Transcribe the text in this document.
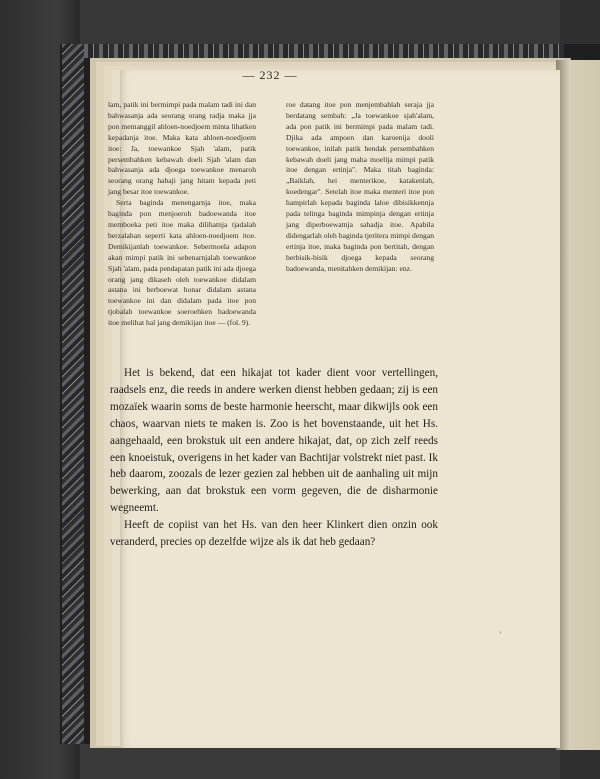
— 232 —

lam, patik ini bermimpi pada malam tadi ini dan bahwasanja ada seorang orang radja maka jja pon memanggil ahloen-noedjoem minta lihatken kepadanja itoe. Maka kata ahloen-noedjoem itoe: Ja, toewankoe Sjah 'alam, patik persembahken kebawah doeli Sjah 'alam dan bahwasanja ada djoega toewankoe menaroh seorang orang habaji jang hitam kepada peti jang besar itoe toewankoe.

Serta baginda menengarnja itoe, maka baginda pon menjoeroh badoewanda itoe memboeka peti itoe maka dilihatnja tjadalah berzalahan seperti kata ahloen-noedjoem itoe. Demikijanlah toewankoe. Sebermoela adapon akan mimpi patik ini sebenarnjalah toewankoe Sjah 'alam, pada pendapatan patik ini ada djoega orang jang dikaseh oleh toewankoe didalam astana ini berboewat honar didalam astana toewankoe ini dan didalam pada itoe pon tjobalah toewankoe soeroehken badoewanda itoe melihat hal jang demikijan itoe — (fol. 9).

roe datang itoe pon menjembahlah seraja jja berdatang sembah: „Ja toewankoe sjah'alam, ada pon patik ini bermimpi pada malam tadi. Djika ada ampoen dan karoenija dooli toewankoe, inilah patik hendak persembahken kebawah doeli jang maha moelija mimpi patik itoe dengan ertinja". Maka titah baginda: „Baiklah, hei menterikoe, katakenlah, koedengar". Setelah itoe maka menteri itoe pon hampirlah kepada baginda laloe dibisikkennja pada telinga baginda mimpinja dengan ertinja jang diperboewatnja sahadja itoe. Apabila didengarlah oleh baginda tjeritera mimpi dengan ertinja itoe, maka baginda pon bertitah, dengan berbisik-bisik djoega kepada seorang badoewanda, menitahken demikijan: enz.

Het is bekend, dat een hikajat tot kader dient voor vertellingen, raadsels enz, die reeds in andere werken dienst hebben gedaan; zij is een mozaïek waarin soms de beste harmonie heerscht, maar dikwijls ook een chaos, waarvan niets te maken is. Zoo is het bovenstaande, uit het Hs. aangehaald, een brokstuk uit een andere hikajat, dat, op zich zelf reeds een knoeistuk, overigens in het kader van Bachtijar volstrekt niet past. Ik heb daarom, zoozals de lezer gezien zal hebben uit de aanhaling uit mijn bewerking, aan dat brokstuk een vorm gegeven, die de disharmonie wegneemt.

Heeft de copiist van het Hs. van den heer Klinkert dien onzin ook veranderd, precies op dezelfde wijze als ik dat heb gedaan?

'
